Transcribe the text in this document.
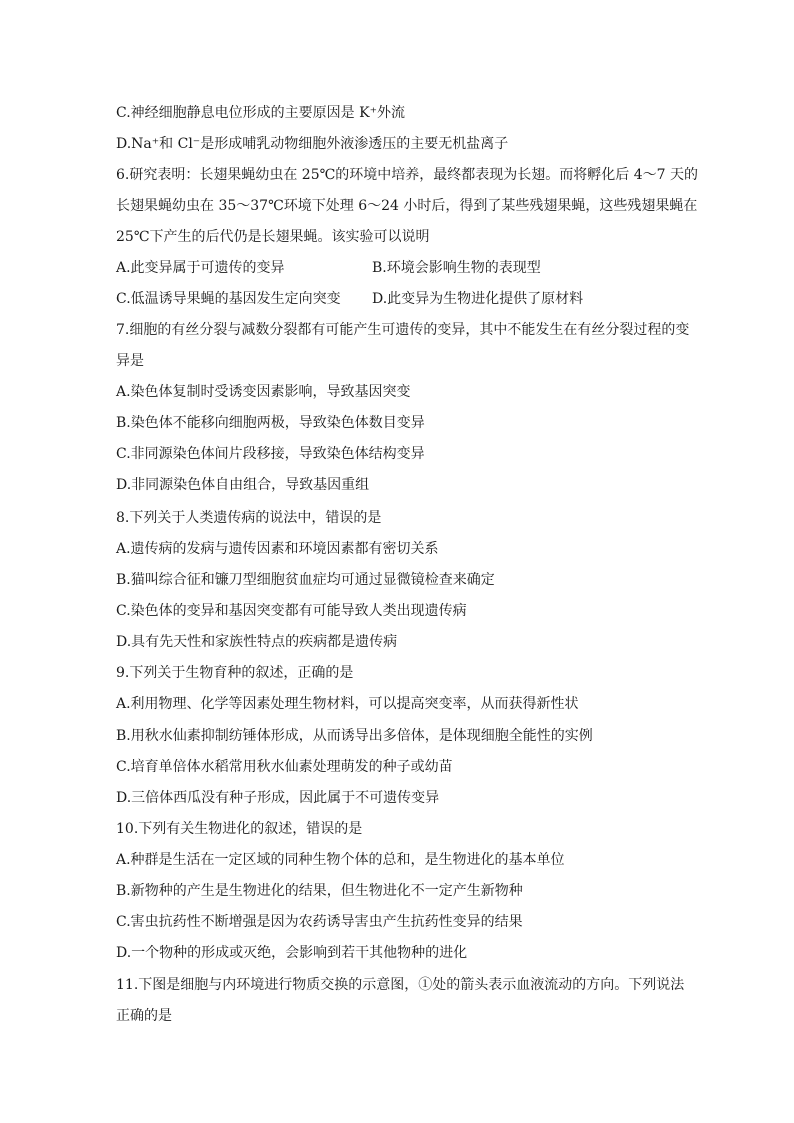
C.神经细胞静息电位形成的主要原因是 K⁺外流
D.Na⁺和 Cl⁻是形成哺乳动物细胞外液渗透压的主要无机盐离子
6.研究表明：长翅果蝇幼虫在 25℃的环境中培养，最终都表现为长翅。而将孵化后 4～7 天的
长翅果蝇幼虫在 35～37℃环境下处理 6～24 小时后，得到了某些残翅果蝇，这些残翅果蝇在
25℃下产生的后代仍是长翅果蝇。该实验可以说明
A.此变异属于可遗传的变异	B.环境会影响生物的表现型
C.低温诱导果蝇的基因发生定向突变 D.此变异为生物进化提供了原材料
7.细胞的有丝分裂与减数分裂都有可能产生可遗传的变异，其中不能发生在有丝分裂过程的变
异是
A.染色体复制时受诱变因素影响，导致基因突变
B.染色体不能移向细胞两极，导致染色体数目变异
C.非同源染色体间片段移接，导致染色体结构变异
D.非同源染色体自由组合，导致基因重组
8.下列关于人类遗传病的说法中，错误的是
A.遗传病的发病与遗传因素和环境因素都有密切关系
B.猫叫综合征和镰刀型细胞贫血症均可通过显微镜检查来确定
C.染色体的变异和基因突变都有可能导致人类出现遗传病
D.具有先天性和家族性特点的疾病都是遗传病
9.下列关于生物育种的叙述，正确的是
A.利用物理、化学等因素处理生物材料，可以提高突变率，从而获得新性状
B.用秋水仙素抑制纺锤体形成，从而诱导出多倍体，是体现细胞全能性的实例
C.培育单倍体水稻常用秋水仙素处理萌发的种子或幼苗
D.三倍体西瓜没有种子形成，因此属于不可遗传变异
10.下列有关生物进化的叙述，错误的是
A.种群是生活在一定区域的同种生物个体的总和，是生物进化的基本单位
B.新物种的产生是生物进化的结果，但生物进化不一定产生新物种
C.害虫抗药性不断增强是因为农药诱导害虫产生抗药性变异的结果
D.一个物种的形成或灭绝，会影响到若干其他物种的进化
11.下图是细胞与内环境进行物质交换的示意图，①处的箭头表示血液流动的方向。下列说法
正确的是
